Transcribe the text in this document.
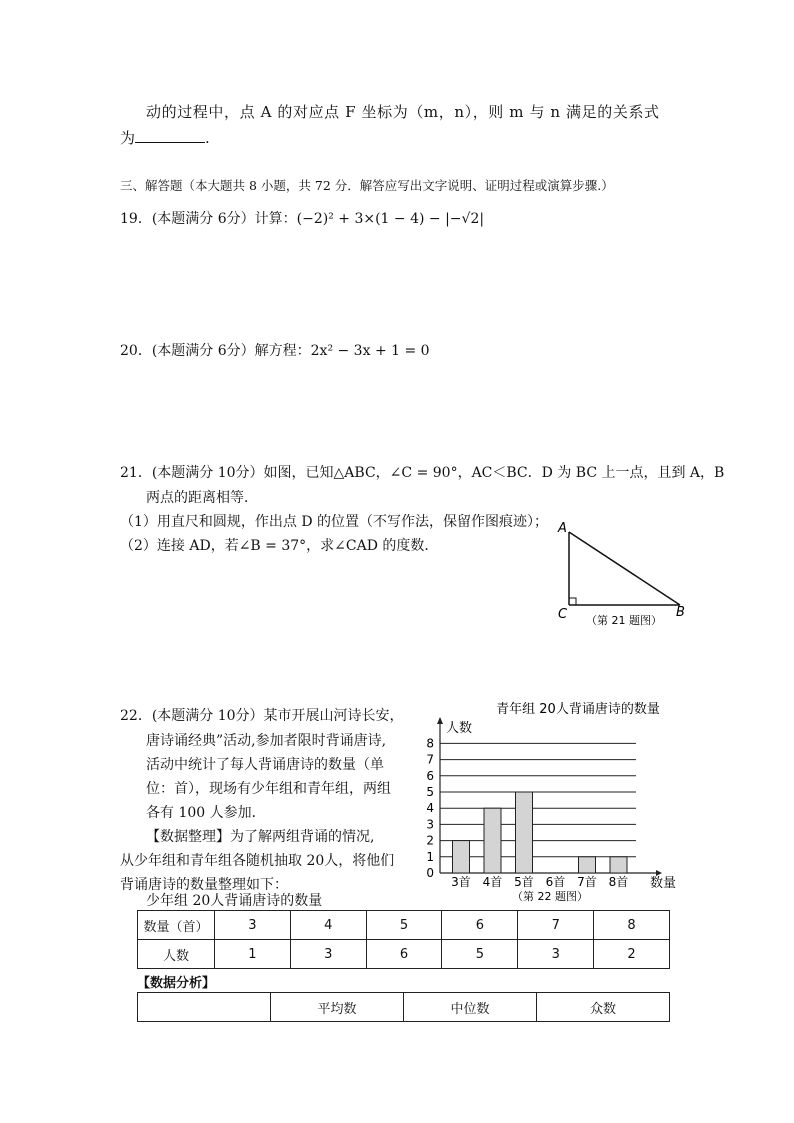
动的过程中，点 A 的对应点 F 坐标为（m，n），则 m 与 n 满足的关系式
为	.
三、解答题（本大题共 8 小题，共 72 分．解答应写出文字说明、证明过程或演算步骤.）
19．(本题满分 6分）计算：(−2)² + 3×(1 − 4) − |−√2|
20．(本题满分 6分）解方程：2x² − 3x + 1 = 0
21．(本题满分 10分）如图，已知△ABC，∠C = 90°，AC＜BC．D 为 BC 上一点，且到 A，B
两点的距离相等．
（1）用直尺和圆规，作出点 D 的位置（不写作法，保留作图痕迹）；
（2）连接 AD，若∠B = 37°，求∠CAD 的度数．
A
B
C （第 21 题图）
22．(本题满分 10分）某市开展山河诗长安，
唐诗诵经典”活动,参加者限时背诵唐诗,
活动中统计了每人背诵唐诗的数量（单
位：首），现场有少年组和青年组，两组
各有 100 人参加．
【数据整理】为了解两组背诵的情况,
从少年组和青年组各随机抽取 20人，将他们
背诵唐诗的数量整理如下：
青年组 20人背诵唐诗的数量
0
1
2
3
4
5
6
7
8
3首 4首 5首 6首 7首 8首
人数
数量
（第 22 题图）
少年组 20人背诵唐诗的数量
数量（首）	3	4	5	6	7	8
人数	1	3	6	5	3	2
【数据分析】
	平均数	中位数	众数
